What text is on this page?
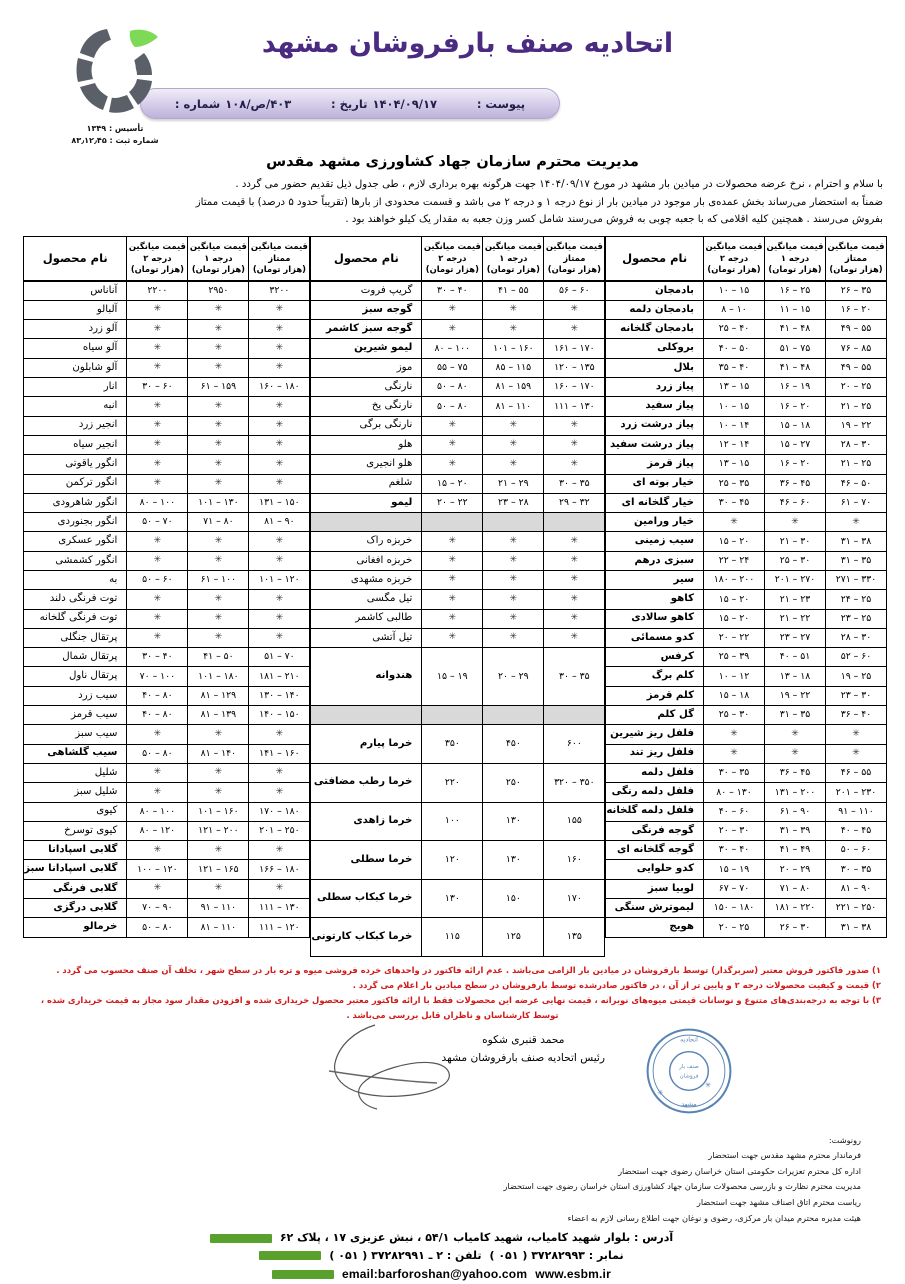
اتحادیه صنف بارفروشان مشهد
پیوست :
۱۴۰۴/۰۹/۱۷
تاریخ :
۴۰۳/ص/۱۰۸
شماره :
تأسیس : ۱۳۴۹
شماره ثبت : ۸۳٫۱۲٫۴۵
مدیریت محترم سازمان جهاد کشاورزی مشهد مقدس

با سلام و احترام ، نرخ عرضه محصولات در میادین بار مشهد در مورخ ۱۴۰۴/۰۹/۱۷ جهت هرگونه بهره برداری لازم ، طی جدول ذیل تقدیم حضور می گردد .

ضمناً به استحضار می‌رساند بخش عمده‌ی بار موجود در میادین بار از نوع درجه ۱ و درجه ۲ می باشد و قسمت محدودی از بارها (تقریباً حدود ۵ درصد) با قیمت ممتاز

بفروش می‌رسند . همچنین کلیه اقلامی که با جعبه چوبی به فروش می‌رسند شامل کسر وزن جعبه به مقدار یک کیلو خواهند بود .

قیمت میانگین
ممتاز
(هزار تومان)

قیمت میانگین
درجه ۱
(هزار تومان)

قیمت میانگین
درجه ۲
(هزار تومان)
	نام محصول
۳۵ – ۲۶	۲۵ – ۱۶	۱۵ – ۱۰	بادمجان
۲۰ – ۱۶	۱۵ – ۱۱	۱۰ – ۸	بادمجان دلمه
۵۵ – ۴۹	۴۸ – ۴۱	۴۰ – ۲۵	بادمجان گلخانه
۸۵ – ۷۶	۷۵ – ۵۱	۵۰ – ۴۰	بروکلی
۵۵ – ۴۹	۴۸ – ۴۱	۴۰ – ۳۵	بلال
۲۵ – ۲۰	۱۹ – ۱۶	۱۵ – ۱۳	پیاز زرد
۲۵ – ۲۱	۲۰ – ۱۶	۱۵ – ۱۰	پیاز سفید
۲۲ – ۱۹	۱۸ – ۱۵	۱۴ – ۱۰	پیاز درشت زرد
۳۰ – ۲۸	۲۷ – ۱۵	۱۴ – ۱۲	پیاز درشت سفید
۲۵ – ۲۱	۲۰ – ۱۶	۱۵ – ۱۳	پیاز قرمز
۵۰ – ۴۶	۴۵ – ۳۶	۳۵ – ۲۵	خیار بوته ای
۷۰ – ۶۱	۶۰ – ۴۶	۴۵ – ۳۰	خیار گلخانه ای
✳	✳	✳	خیار ورامین
۳۸ – ۳۱	۳۰ – ۲۱	۲۰ – ۱۵	سیب زمینی
۳۵ – ۳۱	۳۰ – ۲۵	۲۴ – ۲۲	سبزی درهم
۳۳۰ – ۲۷۱	۲۷۰ – ۲۰۱	۲۰۰ – ۱۸۰	سیر
۲۵ – ۲۴	۲۳ – ۲۱	۲۰ – ۱۵	کاهو
۲۵ – ۲۳	۲۲ – ۲۱	۲۰ – ۱۵	کاهو سالادی
۳۰ – ۲۸	۲۷ – ۲۳	۲۲ – ۲۰	کدو مسمائی
۶۰ – ۵۲	۵۱ – ۴۰	۳۹ – ۲۵	کرفس
۲۵ – ۱۹	۱۸ – ۱۳	۱۲ – ۱۰	کلم برگ
۳۰ – ۲۳	۲۲ – ۱۹	۱۸ – ۱۵	کلم قرمز
۴۰ – ۳۶	۳۵ – ۳۱	۳۰ – ۲۵	گل کلم
✳	✳	✳	فلفل ریز شیرین
✳	✳	✳	فلفل ریز تند
۵۵ – ۴۶	۴۵ – ۳۶	۳۵ – ۳۰	فلفل دلمه
۲۳۰ – ۲۰۱	۲۰۰ – ۱۳۱	۱۳۰ – ۸۰	فلفل دلمه رنگی
۱۱۰ – ۹۱	۹۰ – ۶۱	۶۰ – ۴۰	فلفل دلمه گلخانه
۴۵ – ۴۰	۳۹ – ۳۱	۳۰ – ۲۰	گوجه فرنگی
۶۰ – ۵۰	۴۹ – ۴۱	۴۰ – ۳۰	گوجه گلخانه ای
۳۵ – ۳۰	۲۹ – ۲۰	۱۹ – ۱۵	کدو حلوایی
۹۰ – ۸۱	۸۰ – ۷۱	۷۰ – ۶۷	لوبیا سبز
۲۵۰ – ۲۲۱	۲۲۰ – ۱۸۱	۱۸۰ – ۱۵۰	لیموترش سنگی
۳۸ – ۳۱	۳۰ – ۲۶	۲۵ – ۲۰	هویج
قیمت میانگین
ممتاز
(هزار تومان)

قیمت میانگین
درجه ۱
(هزار تومان)

قیمت میانگین
درجه ۲
(هزار تومان)
	نام محصول
۶۰ – ۵۶	۵۵ – ۴۱	۴۰ – ۳۰	گریپ فروت
✳	✳	✳	گوجه سبز
✳	✳	✳	گوجه سبز کاشمر
۱۷۰ – ۱۶۱	۱۶۰ – ۱۰۱	۱۰۰ – ۸۰	لیمو شیرین
۱۳۵ – ۱۲۰	۱۱۵ – ۸۵	۷۵ – ۵۵	موز
۱۷۰ – ۱۶۰	۱۵۹ – ۸۱	۸۰ – ۵۰	نارنگی
۱۳۰ – ۱۱۱	۱۱۰ – ۸۱	۸۰ – ۵۰	نارنگی یخ
✳	✳	✳	نارنگی برگی
✳	✳	✳	هلو
✳	✳	✳	هلو انجیری
۳۵ – ۳۰	۲۹ – ۲۱	۲۰ – ۱۵	شلغم
۳۲ – ۲۹	۲۸ – ۲۳	۲۲ – ۲۰	لیمو

✳	✳	✳	خربزه راک
✳	✳	✳	خربزه افغانی
✳	✳	✳	خربزه مشهدی
✳	✳	✳	تیل مگسی
✳	✳	✳	طالبی کاشمر
✳	✳	✳	تیل آتشی
۳۵ – ۳۰	۲۹ – ۲۰	۱۹ – ۱۵	هندوانه

۶۰۰	۴۵۰	۳۵۰	خرما پیارم
۳۵۰ – ۳۲۰	۲۵۰	۲۲۰	خرما رطب مضافتی
۱۵۵	۱۳۰	۱۰۰	خرما زاهدی
۱۶۰	۱۳۰	۱۲۰	خرما سطلی
۱۷۰	۱۵۰	۱۳۰	خرما کبکاب سطلی
۱۳۵	۱۲۵	۱۱۵	خرما کبکاب کارتونی
قیمت میانگین
ممتاز
(هزار تومان)

قیمت میانگین
درجه ۱
(هزار تومان)

قیمت میانگین
درجه ۲
(هزار تومان)
	نام محصول
۳۲۰۰	۲۹۵۰	۲۲۰۰	آناناس
✳	✳	✳	آلبالو
✳	✳	✳	آلو زرد
✳	✳	✳	آلو سیاه
✳	✳	✳	آلو شابلون
۱۸۰ – ۱۶۰	۱۵۹ – ۶۱	۶۰ – ۳۰	انار
✳	✳	✳	انبه
✳	✳	✳	انجیر زرد
✳	✳	✳	انجیر سیاه
✳	✳	✳	انگور یاقوتی
✳	✳	✳	انگور ترکمن
۱۵۰ – ۱۳۱	۱۳۰ – ۱۰۱	۱۰۰ – ۸۰	انگور شاهرودی
۹۰ – ۸۱	۸۰ – ۷۱	۷۰ – ۵۰	انگور بجنوردی
✳	✳	✳	انگور عسکری
✳	✳	✳	انگور کشمشی
۱۲۰ – ۱۰۱	۱۰۰ – ۶۱	۶۰ – ۵۰	به
✳	✳	✳	توت فرنگی دلند
✳	✳	✳	توت فرنگی گلخانه
✳	✳	✳	پرتقال جنگلی
۷۰ – ۵۱	۵۰ – ۴۱	۴۰ – ۳۰	پرتقال شمال
۲۱۰ – ۱۸۱	۱۸۰ – ۱۰۱	۱۰۰ – ۷۰	پرتقال ناول
۱۴۰ – ۱۳۰	۱۲۹ – ۸۱	۸۰ – ۴۰	سیب زرد
۱۵۰ – ۱۴۰	۱۳۹ – ۸۱	۸۰ – ۴۰	سیب قرمز
✳	✳	✳	سیب سبز
۱۶۰ – ۱۴۱	۱۴۰ – ۸۱	۸۰ – ۵۰	سیب گلشاهی
✳	✳	✳	شلیل
✳	✳	✳	شلیل سبز
۱۸۰ – ۱۷۰	۱۶۰ – ۱۰۱	۱۰۰ – ۸۰	کیوی
۲۵۰ – ۲۰۱	۲۰۰ – ۱۲۱	۱۲۰ – ۸۰	کیوی توسرخ
✳	✳	✳	گلابی اسپادانا
۱۸۰ – ۱۶۶	۱۶۵ – ۱۲۱	۱۲۰ – ۱۰۰	گلابی اسپادانا سبز
✳	✳	✳	گلابی فرنگی
۱۳۰ – ۱۱۱	۱۱۰ – ۹۱	۹۰ – ۷۰	گلابی درگزی
۱۲۰ – ۱۱۱	۱۱۰ – ۸۱	۸۰ – ۵۰	خرمالو

۱) صدور فاکتور فروش معتبر (سربرگدار) توسط بارفروشان در میادین بار الزامی می‌باشد . عدم ارائه فاکتور در واحدهای خرده فروشی میوه و تره بار در سطح شهر ، تخلف آن صنف محسوب می گردد .

۲) قیمت و کیفیت محصولات درجه ۲ و پایین تر از آن ، در فاکتور صادرشده توسط بارفروشان در سطح میادین بار اعلام می گردد .

۳) با توجه به درجه‌بندی‌های متنوع و نوسانات قیمتی میوه‌های نوبرانه ، قیمت نهایی عرضه این محصولات فقط با ارائه فاکتور معتبر محصول خریداری شده و افزودن مقدار سود مجاز به قیمت خریداری شده ،

توسط کارشناسان و ناظران قابل بررسی می‌باشد .

محمد قنبری شکوه
رئیس اتحادیه صنف بارفروشان مشهد
اتحادیه
مشهد
صنف بار
فروشان
✳
✳
رونوشت:
فرماندار محترم مشهد مقدس جهت استحضار
اداره کل محترم تعزیرات حکومتی استان خراسان رضوی جهت استحضار
مدیریت محترم نظارت و بازرسی محصولات سازمان جهاد کشاورزی استان خراسان رضوی جهت استحضار
ریاست محترم اتاق اصناف مشهد جهت استحضار
هیئت مدیره محترم میدان بار مرکزی، رضوی و نوغان جهت اطلاع رسانی لازم به اعضاء
آدرس : بلوار شهید کامیاب، شهید کامیاب ۵۴/۱ ، نبش عزیزی ۱۷ ، پلاک ۶۲
نمابر : ۳۷۲۸۲۹۹۳ ( ۰۵۱ )
تلفن : ۲ ـ ۳۷۲۸۲۹۹۱ ( ۰۵۱ )
www.esbm.ir
email:barforoshan@yahoo.com
